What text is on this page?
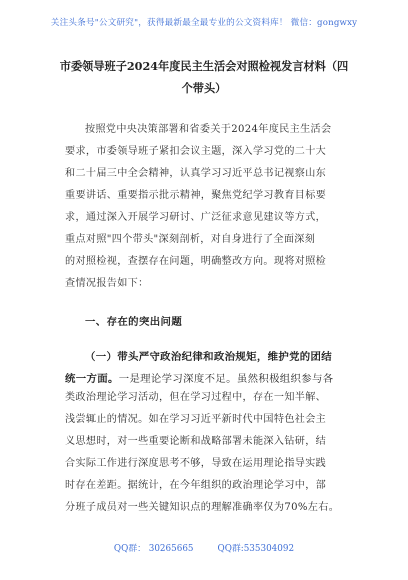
关注头条号"公文研究"，获得最新最全最专业的公文资料库！ 微信：gongwxy
市委领导班子2024年度民主生活会对照检视发言材料（四
个带头）
按照党中央决策部署和省委关于2024年度民主生活会
要求，市委领导班子紧扣会议主题，深入学习党的二十大
和二十届三中全会精神，认真学习习近平总书记视察山东
重要讲话、重要指示批示精神，聚焦党纪学习教育目标要
求，通过深入开展学习研讨、广泛征求意见建议等方式，
重点对照"四个带头"深刻剖析，对自身进行了全面深刻
的对照检视，查摆存在问题，明确整改方向。现将对照检
查情况报告如下：
一、存在的突出问题
（一）带头严守政治纪律和政治规矩，维护党的团结
统一方面。一是理论学习深度不足。虽然积极组织参与各
类政治理论学习活动，但在学习过程中，存在一知半解、
浅尝辄止的情况。如在学习习近平新时代中国特色社会主
义思想时，对一些重要论断和战略部署未能深入钻研，结
合实际工作进行深度思考不够，导致在运用理论指导实践
时存在差距。据统计，在今年组织的政治理论学习中，部
分班子成员对一些关键知识点的理解准确率仅为70%左右。
QQ群： 30265665	QQ群:535304092
